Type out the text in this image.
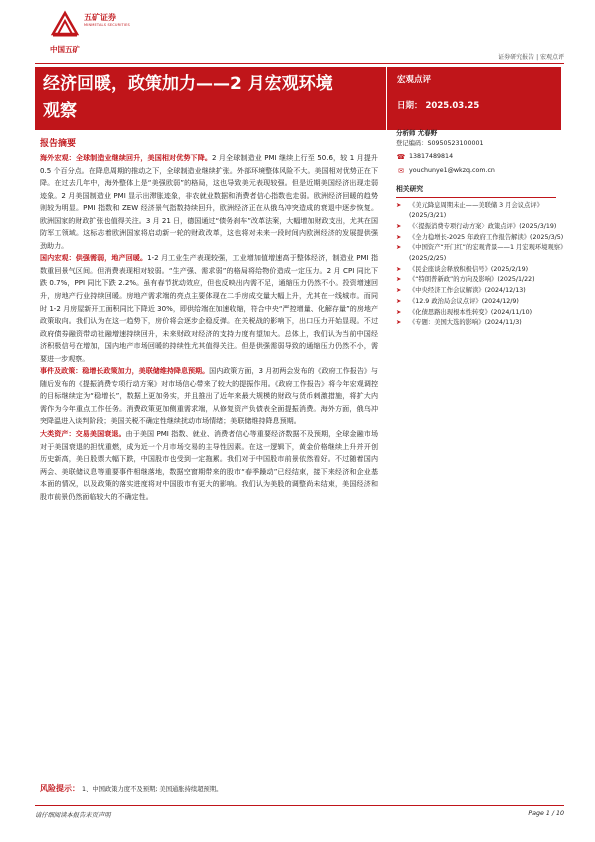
五矿证券
MINMETALS SECURITIES
中国五矿
证券研究报告 | 宏观点评
经济回暖，政策加力——2 月宏观环境
观察
宏观点评
日期： 2025.03.25
报告摘要

海外宏观：全球制造业继续回升，美国相对优势下降。2 月全球制造业 PMI 继续上行至 50.6，较 1 月提升 0.5 个百分点。在降息周期的推动之下，全球制造业继续扩张。外部环境整体风险不大。美国相对优势正在下降。在过去几年中，海外整体上是“美强欧弱”的格局，这也导致美元表现较强。但是近期美国经济出现走弱迹象。2 月美国制造业 PMI 显示出滞胀迹象，非农就业数据和消费者信心指数也走弱。欧洲经济回暖的趋势则较为明显。PMI 指数和 ZEW 经济景气指数持续回升，欧洲经济正在从俄乌冲突造成的衰退中逐步恢复。欧洲国家的财政扩张也值得关注。3 月 21 日，德国通过“债务刹车”改革法案，大幅增加财政支出，尤其在国防军工领域。这标志着欧洲国家将启动新一轮的财政改革，这也将对未来一段时间内欧洲经济的发展提供强劲助力。

国内宏观：供强需弱，地产回暖。1-2 月工业生产表现较强，工业增加值增速高于整体经济，制造业 PMI 指数重回景气区间。但消费表现相对较弱。“生产强、需求弱”的格局将给物价造成一定压力。2 月 CPI 同比下跌 0.7%，PPI 同比下跌 2.2%。虽有春节扰动效应，但也反映出内需不足，通缩压力仍然不小。投资增速回升，房地产行业持续回暖。房地产需求端的亮点主要体现在二手房成交量大幅上升，尤其在一线城市。而同时 1-2 月房屋新开工面积同比下降近 30%，即供给端在加速收缩，符合中央“严控增量、化解存量”的房地产政策取向。我们认为在这一趋势下，房价将会逐步企稳反弹。在关税战的影响下，出口压力开始显现。不过政府债券融资带动社融增速持续回升，未来财政对经济的支持力度有望加大。总体上，我们认为当前中国经济积极信号在增加，国内地产市场回暖的持续性尤其值得关注。但是供强需弱导致的通缩压力仍然不小，需要进一步观察。

事件及政策：稳增长政策加力，美联储维持降息预期。国内政策方面，3 月初两会发布的《政府工作报告》与随后发布的《提振消费专项行动方案》对市场信心带来了较大的提振作用。《政府工作报告》将今年宏观调控的目标继续定为“稳增长”，数据上更加务实，并且推出了近年来最大规模的财政与货币刺激措施，将扩大内需作为今年重点工作任务。消费政策更加侧重需求端，从修复资产负债表全面提振消费。海外方面，俄乌冲突降温进入谈判阶段；美国关税不确定性继续扰动市场情绪；美联储维持降息预期。

大类资产：交易美国衰退。由于美国 PMI 指数、就业、消费者信心等重要经济数据不及预期，全球金融市场对于美国衰退的担忧重燃，成为近一个月市场交易的主导性因素。在这一逻辑下，黄金价格继续上升并开创历史新高，美日股票大幅下跌，中国股市也受到一定拖累。我们对于中国股市前景依然看好。不过随着国内两会、美联储议息等重要事件相继落地，数据空窗期带来的股市“春季躁动”已经结束，接下来经济和企业基本面的情况，以及政策的落实进度将对中国股市有更大的影响。我们认为美股的调整尚未结束，美国经济和股市前景仍然面临较大的不确定性。

分析师 尤春野
登记编码：S0950523100001
☎ 13817489814
✉ youchunye1@wkzq.com.cn
相关研究
➤	《美元降息周期未止——美联储 3 月会议点评》(2025/3/21)
➤	《〈提振消费专项行动方案〉政策点评》(2025/3/19)
➤	《全力稳增长-2025 年政府工作报告解读》(2025/3/5)
➤	《中国资产“开门红”的宏观背景——1 月宏观环境观察》(2025/2/25)
➤	《民企座谈会释放积极信号》(2025/2/19)
➤	《“特朗普新政”的方向及影响》(2025/1/22)
➤	《中央经济工作会议解读》(2024/12/13)
➤	《12.9 政治局会议点评》(2024/12/9)
➤	《化债思路出现根本性转变》(2024/11/10)
➤	《专题：美国大选的影响》(2024/11/3)
风险提示： 1、中国政策力度不及预期; 美国通胀持续超预期。
请仔细阅读本报告末页声明	Page 1 / 10
